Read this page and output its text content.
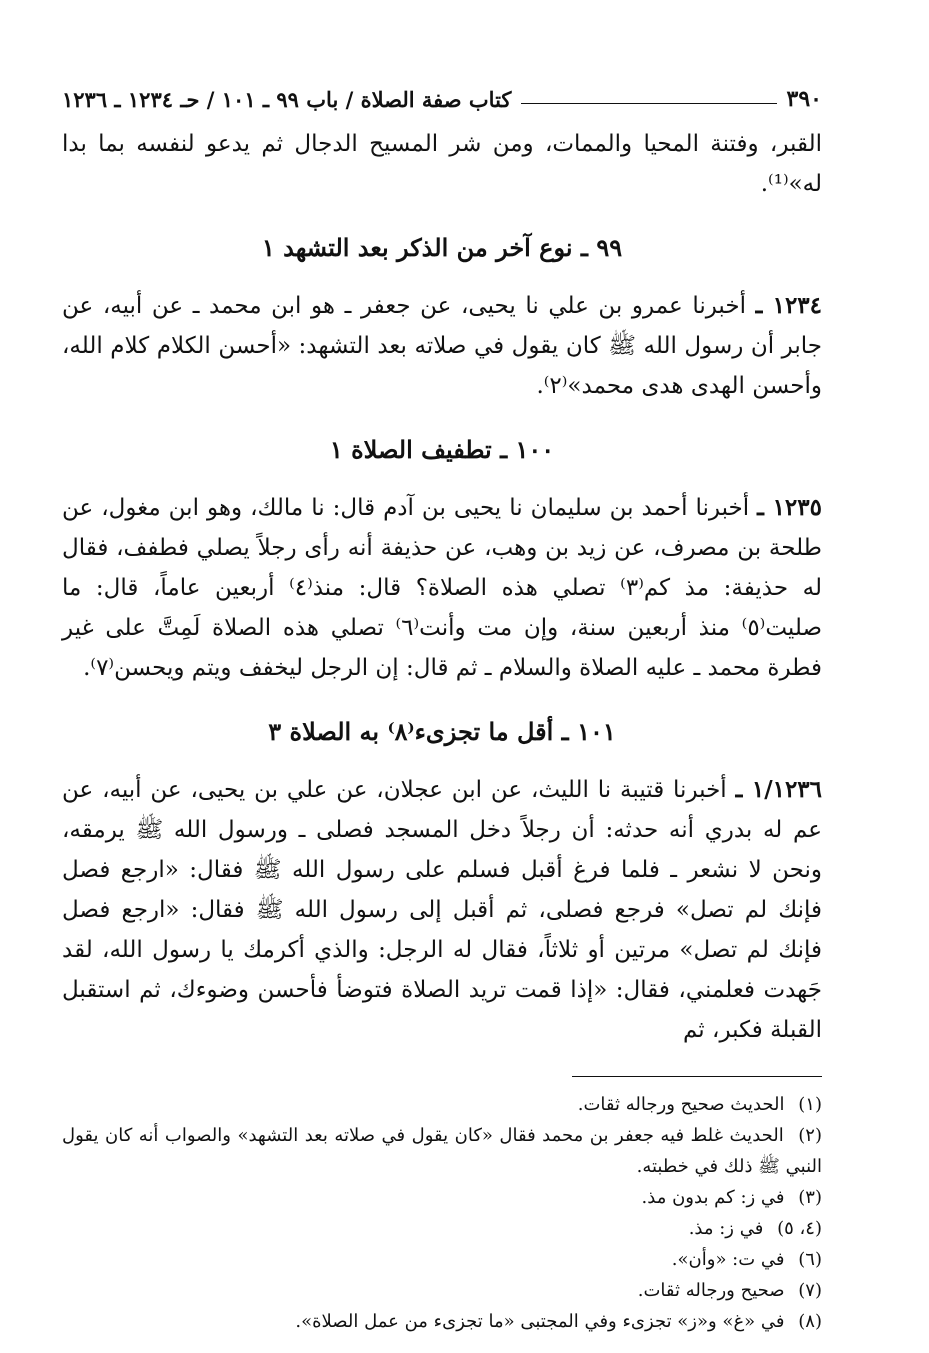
٣٩٠
كتاب صفة الصلاة / باب ٩٩ ـ ١٠١ / حـ ١٢٣٤ ـ ١٢٣٦

القبر، وفتنة المحيا والممات، ومن شر المسيح الدجال ثم يدعو لنفسه بما بدا له»⁽¹⁾.

٩٩ ـ نوع آخر من الذكر بعد التشهد ١

١٢٣٤ ـ أخبرنا عمرو بن علي نا يحيى، عن جعفر ـ هو ابن محمد ـ عن أبيه، عن جابر أن رسول الله ﷺ كان يقول في صلاته بعد التشهد: «أحسن الكلام كلام الله، وأحسن الهدى هدى محمد»⁽٢⁾.

١٠٠ ـ تطفيف الصلاة ١

١٢٣٥ ـ أخبرنا أحمد بن سليمان نا يحيى بن آدم قال: نا مالك، وهو ابن مغول، عن طلحة بن مصرف، عن زيد بن وهب، عن حذيفة أنه رأى رجلاً يصلي فطفف، فقال له حذيفة: مذ كم⁽٣⁾ تصلي هذه الصلاة؟ قال: منذ⁽٤⁾ أربعين عاماً، قال: ما صليت⁽٥⁾ منذ أربعين سنة، وإن مت وأنت⁽٦⁾ تصلي هذه الصلاة لَمِتَّ على غير فطرة محمد ـ عليه الصلاة والسلام ـ ثم قال: إن الرجل ليخفف ويتم ويحسن⁽٧⁾.

١٠١ ـ أقل ما تجزىء⁽٨⁾ به الصلاة ٣

١/١٢٣٦ ـ أخبرنا قتيبة نا الليث، عن ابن عجلان، عن علي بن يحيى، عن أبيه، عن عم له بدري أنه حدثه: أن رجلاً دخل المسجد فصلى ـ ورسول الله ﷺ يرمقه، ونحن لا نشعر ـ فلما فرغ أقبل فسلم على رسول الله ﷺ فقال: «ارجع فصل فإنك لم تصل» فرجع فصلى، ثم أقبل إلى رسول الله ﷺ فقال: «ارجع فصل فإنك لم تصل» مرتين أو ثلاثاً، فقال له الرجل: والذي أكرمك يا رسول الله، لقد جَهدت فعلمني، فقال: «إذا قمت تريد الصلاة فتوضأ فأحسن وضوءك، ثم استقبل القبلة فكبر، ثم

(١) الحديث صحيح ورجاله ثقات.

(٢) الحديث غلط فيه جعفر بن محمد فقال «كان يقول في صلاته بعد التشهد» والصواب أنه كان يقول النبي ﷺ ذلك في خطبته.

(٣) في ز: كم بدون مذ.

(٤، ٥) في ز: مذ.

(٦) في ت: «وأن».

(٧) صحيح ورجاله ثقات.

(٨) في «غ» و«ز» تجزىء وفي المجتبى «ما تجزىء من عمل الصلاة».
